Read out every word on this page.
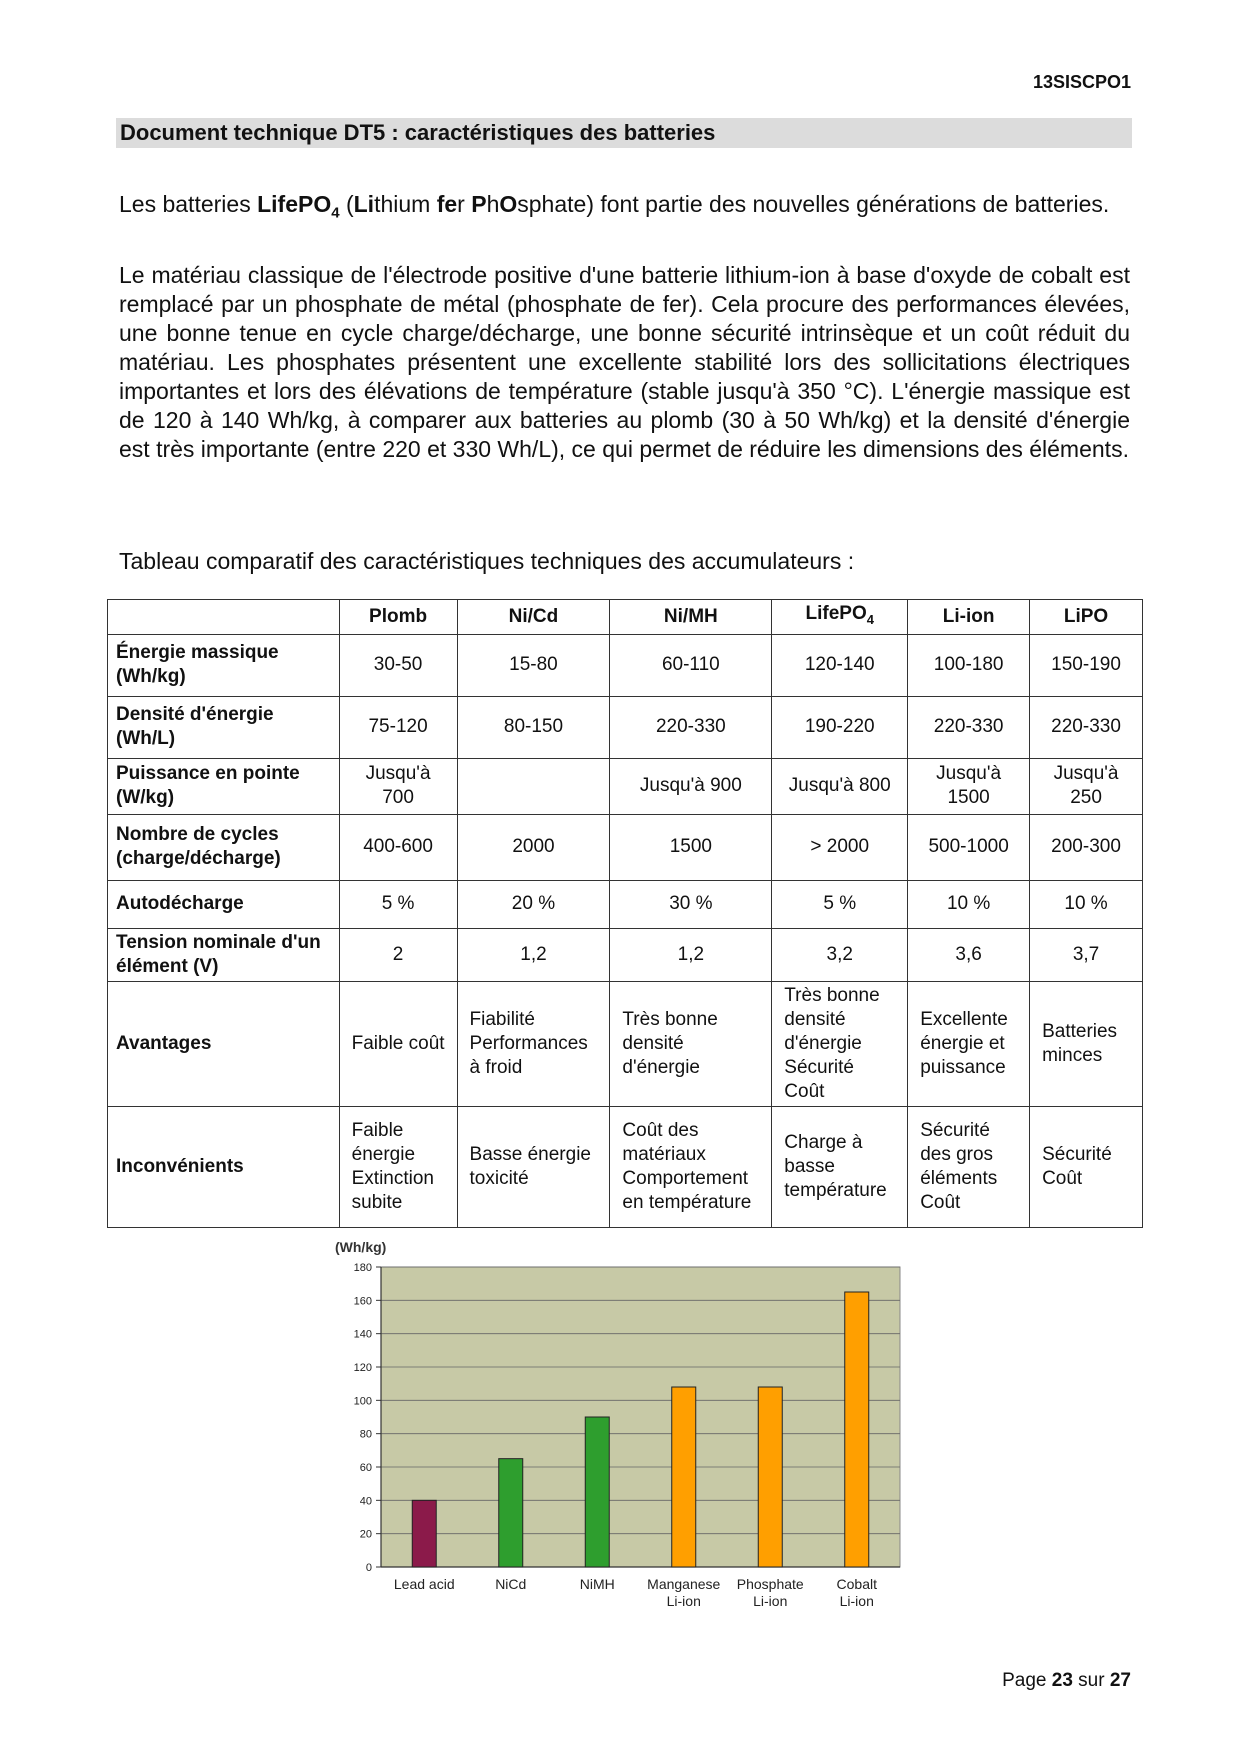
13SISCPO1
Document technique DT5 : caractéristiques des batteries

Les batteries LifePO$_4$ (Lithium fer PhOsphate) font partie des nouvelles générations de batteries.

Le matériau classique de l'électrode positive d'une batterie lithium-ion à base d'oxyde de cobalt est remplacé par un phosphate de métal (phosphate de fer). Cela procure des performances élevées, une bonne tenue en cycle charge/décharge, une bonne sécurité intrinsèque et un coût réduit du matériau. Les phosphates présentent une excellente stabilité lors des sollicitations électriques importantes et lors des élévations de température (stable jusqu'à 350 °C). L'énergie massique est de 120 à 140 Wh/kg, à comparer aux batteries au plomb (30 à 50 Wh/kg) et la densité d'énergie est très importante (entre 220 et 330 Wh/L), ce qui permet de réduire les dimensions des éléments.

Tableau comparatif des caractéristiques techniques des accumulateurs :

	Plomb	Ni/Cd	Ni/MH	LifePO$_4$	Li-ion	LiPO
Énergie massique (Wh/kg)	30-50	15-80	60-110	120-140	100-180	150-190
Densité d'énergie (Wh/L)	75-120	80-150	220-330	190-220	220-330	220-330
Puissance en pointe (W/kg)	Jusqu'à 700		Jusqu'à 900	Jusqu'à 800	Jusqu'à 1500	Jusqu'à 250
Nombre de cycles (charge/décharge)	400-600	2000	1500	> 2000	500-1000	200-300
Autodécharge	5 %	20 %	30 %	5 %	10 %	10 %
Tension nominale d'un élément (V)	2	1,2	1,2	3,2	3,6	3,7
Avantages	Faible coût	Fiabilité Performances à froid	Très bonne densité d'énergie	Très bonne densité d'énergie Sécurité Coût	Excellente énergie et puissance	Batteries minces
Inconvénients	Faible énergie Extinction subite	Basse énergie toxicité	Coût des matériaux Comportement en température	Charge à basse température	Sécurité des gros éléments Coût	Sécurité Coût
(Wh/kg)
0
20
40
60
80
100
120
140
160
180
Lead acid	NiCd	NiMH Manganese
Li-ion
Phosphate
Li-ion
Cobalt
Li-ion
Page 23 sur 27
